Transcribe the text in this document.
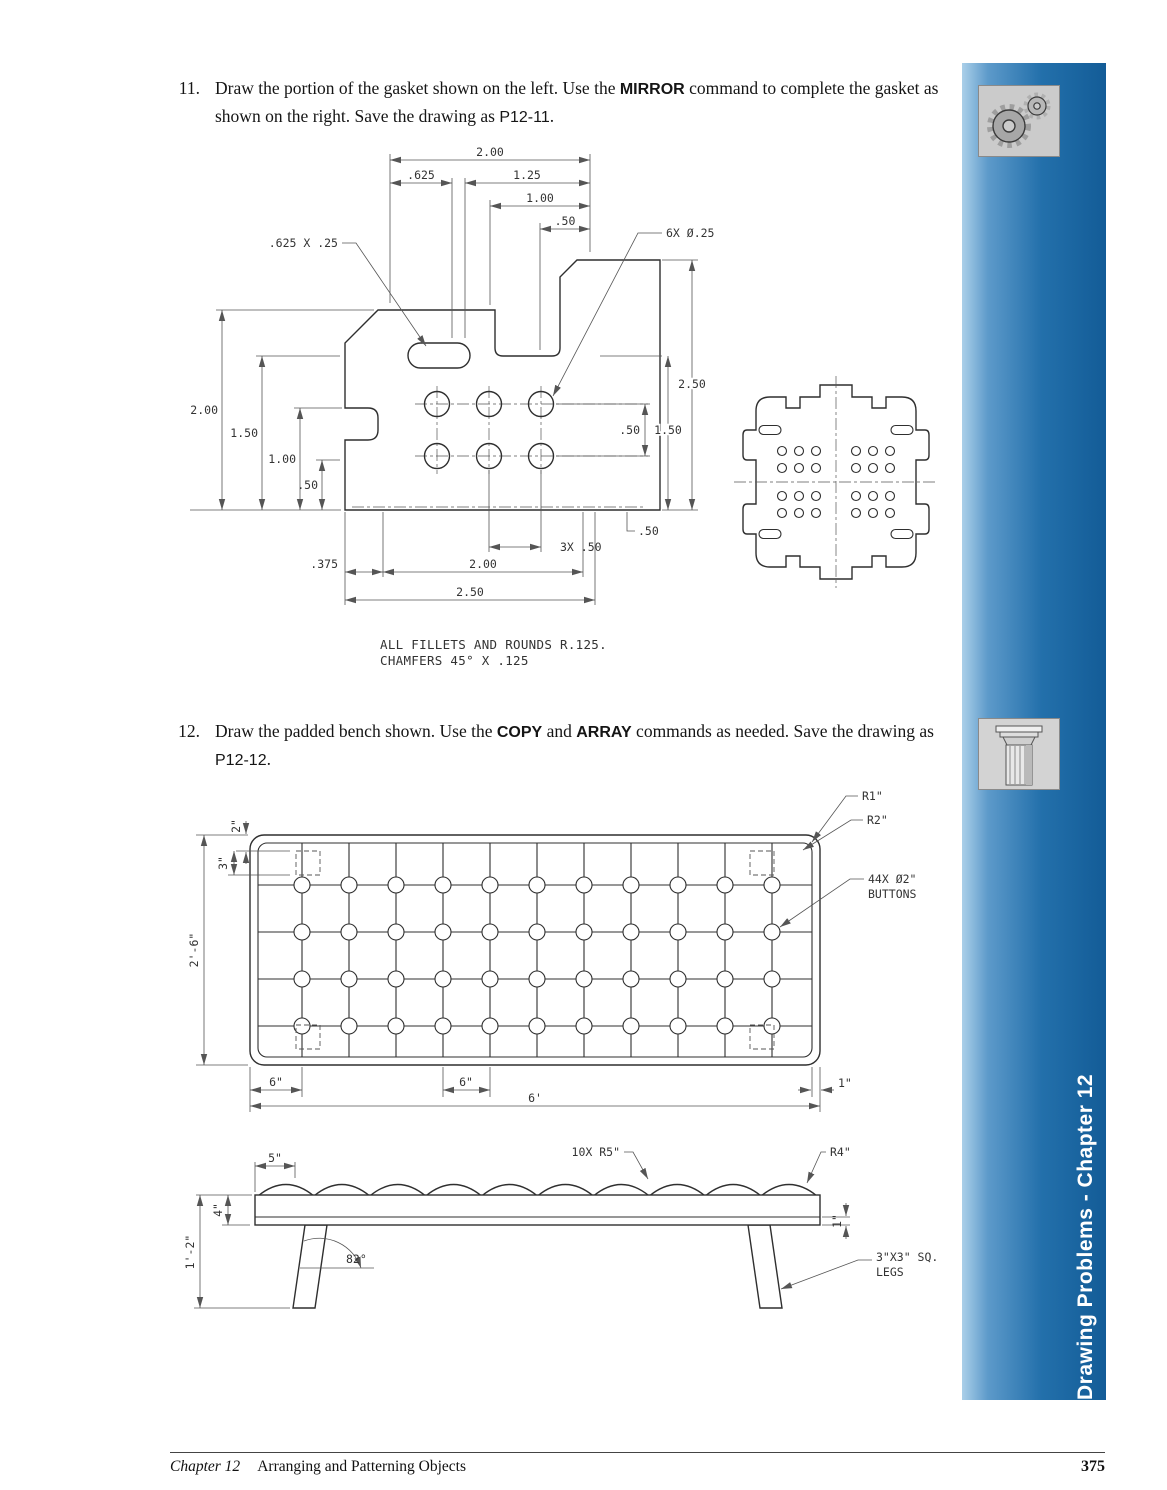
Drawing Problems - Chapter 12
11. Draw the portion of the gasket shown on the left. Use the MIRROR command to complete the gasket as shown on the right. Save the drawing as P12-11.
12. Draw the padded bench shown. Use the COPY and ARRAY commands as needed. Save the drawing as P12-12.
2.00
.625	1.25
1.00
.50
6X Ø.25
.625 X .25
2.00
1.50
1.00
.50
.50 1.50
2.50
.50
3X .50
.375	2.00
2.50
ALL FILLETS AND ROUNDS R.125.
CHAMFERS 45° X .125
R1"
R2"
44X Ø2"
BUTTONS
2"
3"
2'-6"
6"	6"	1"
6'
5"	10X R5"	R4"
4"
1'-2"
1"
82°	3"X3" SQ.
LEGS
Chapter 12 Arranging and Patterning Objects	375
